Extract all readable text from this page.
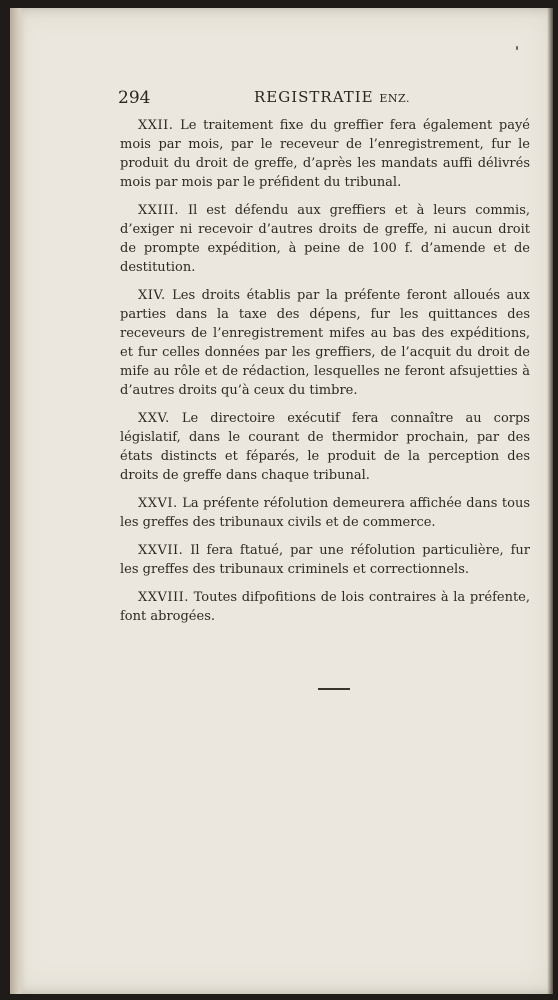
294	REGISTRATIE ENZ.

XXII. Le traitement fixe du greffier fera également payé mois par mois, par le receveur de l’enregistrement, fur le produit du droit de greffe, d’après les mandats auffi délivrés mois par mois par le préfident du tribunal.

XXIII. Il est défendu aux greffiers et à leurs commis, d’exiger ni recevoir d’autres droits de greffe, ni aucun droit de prompte expédition, à peine de 100 f. d’amende et de destitution.

XIV. Les droits établis par la préfente feront alloués aux parties dans la taxe des dépens, fur les quittances des receveurs de l’enregistrement mifes au bas des expéditions, et fur celles données par les greffiers, de l’acquit du droit de mife au rôle et de rédaction, lesquelles ne feront afsujetties à d’autres droits qu’à ceux du timbre.

XXV. Le directoire exécutif fera connaître au corps législatif, dans le courant de thermidor prochain, par des états distincts et féparés, le produit de la perception des droits de greffe dans chaque tribunal.

XXVI. La préfente réfolution demeurera affichée dans tous les greffes des tribunaux civils et de commerce.

XXVII. Il fera ftatué, par une réfolution particulière, fur les greffes des tribunaux criminels et correctionnels.

XXVIII. Toutes difpofitions de lois contraires à la préfente, font abrogées.
